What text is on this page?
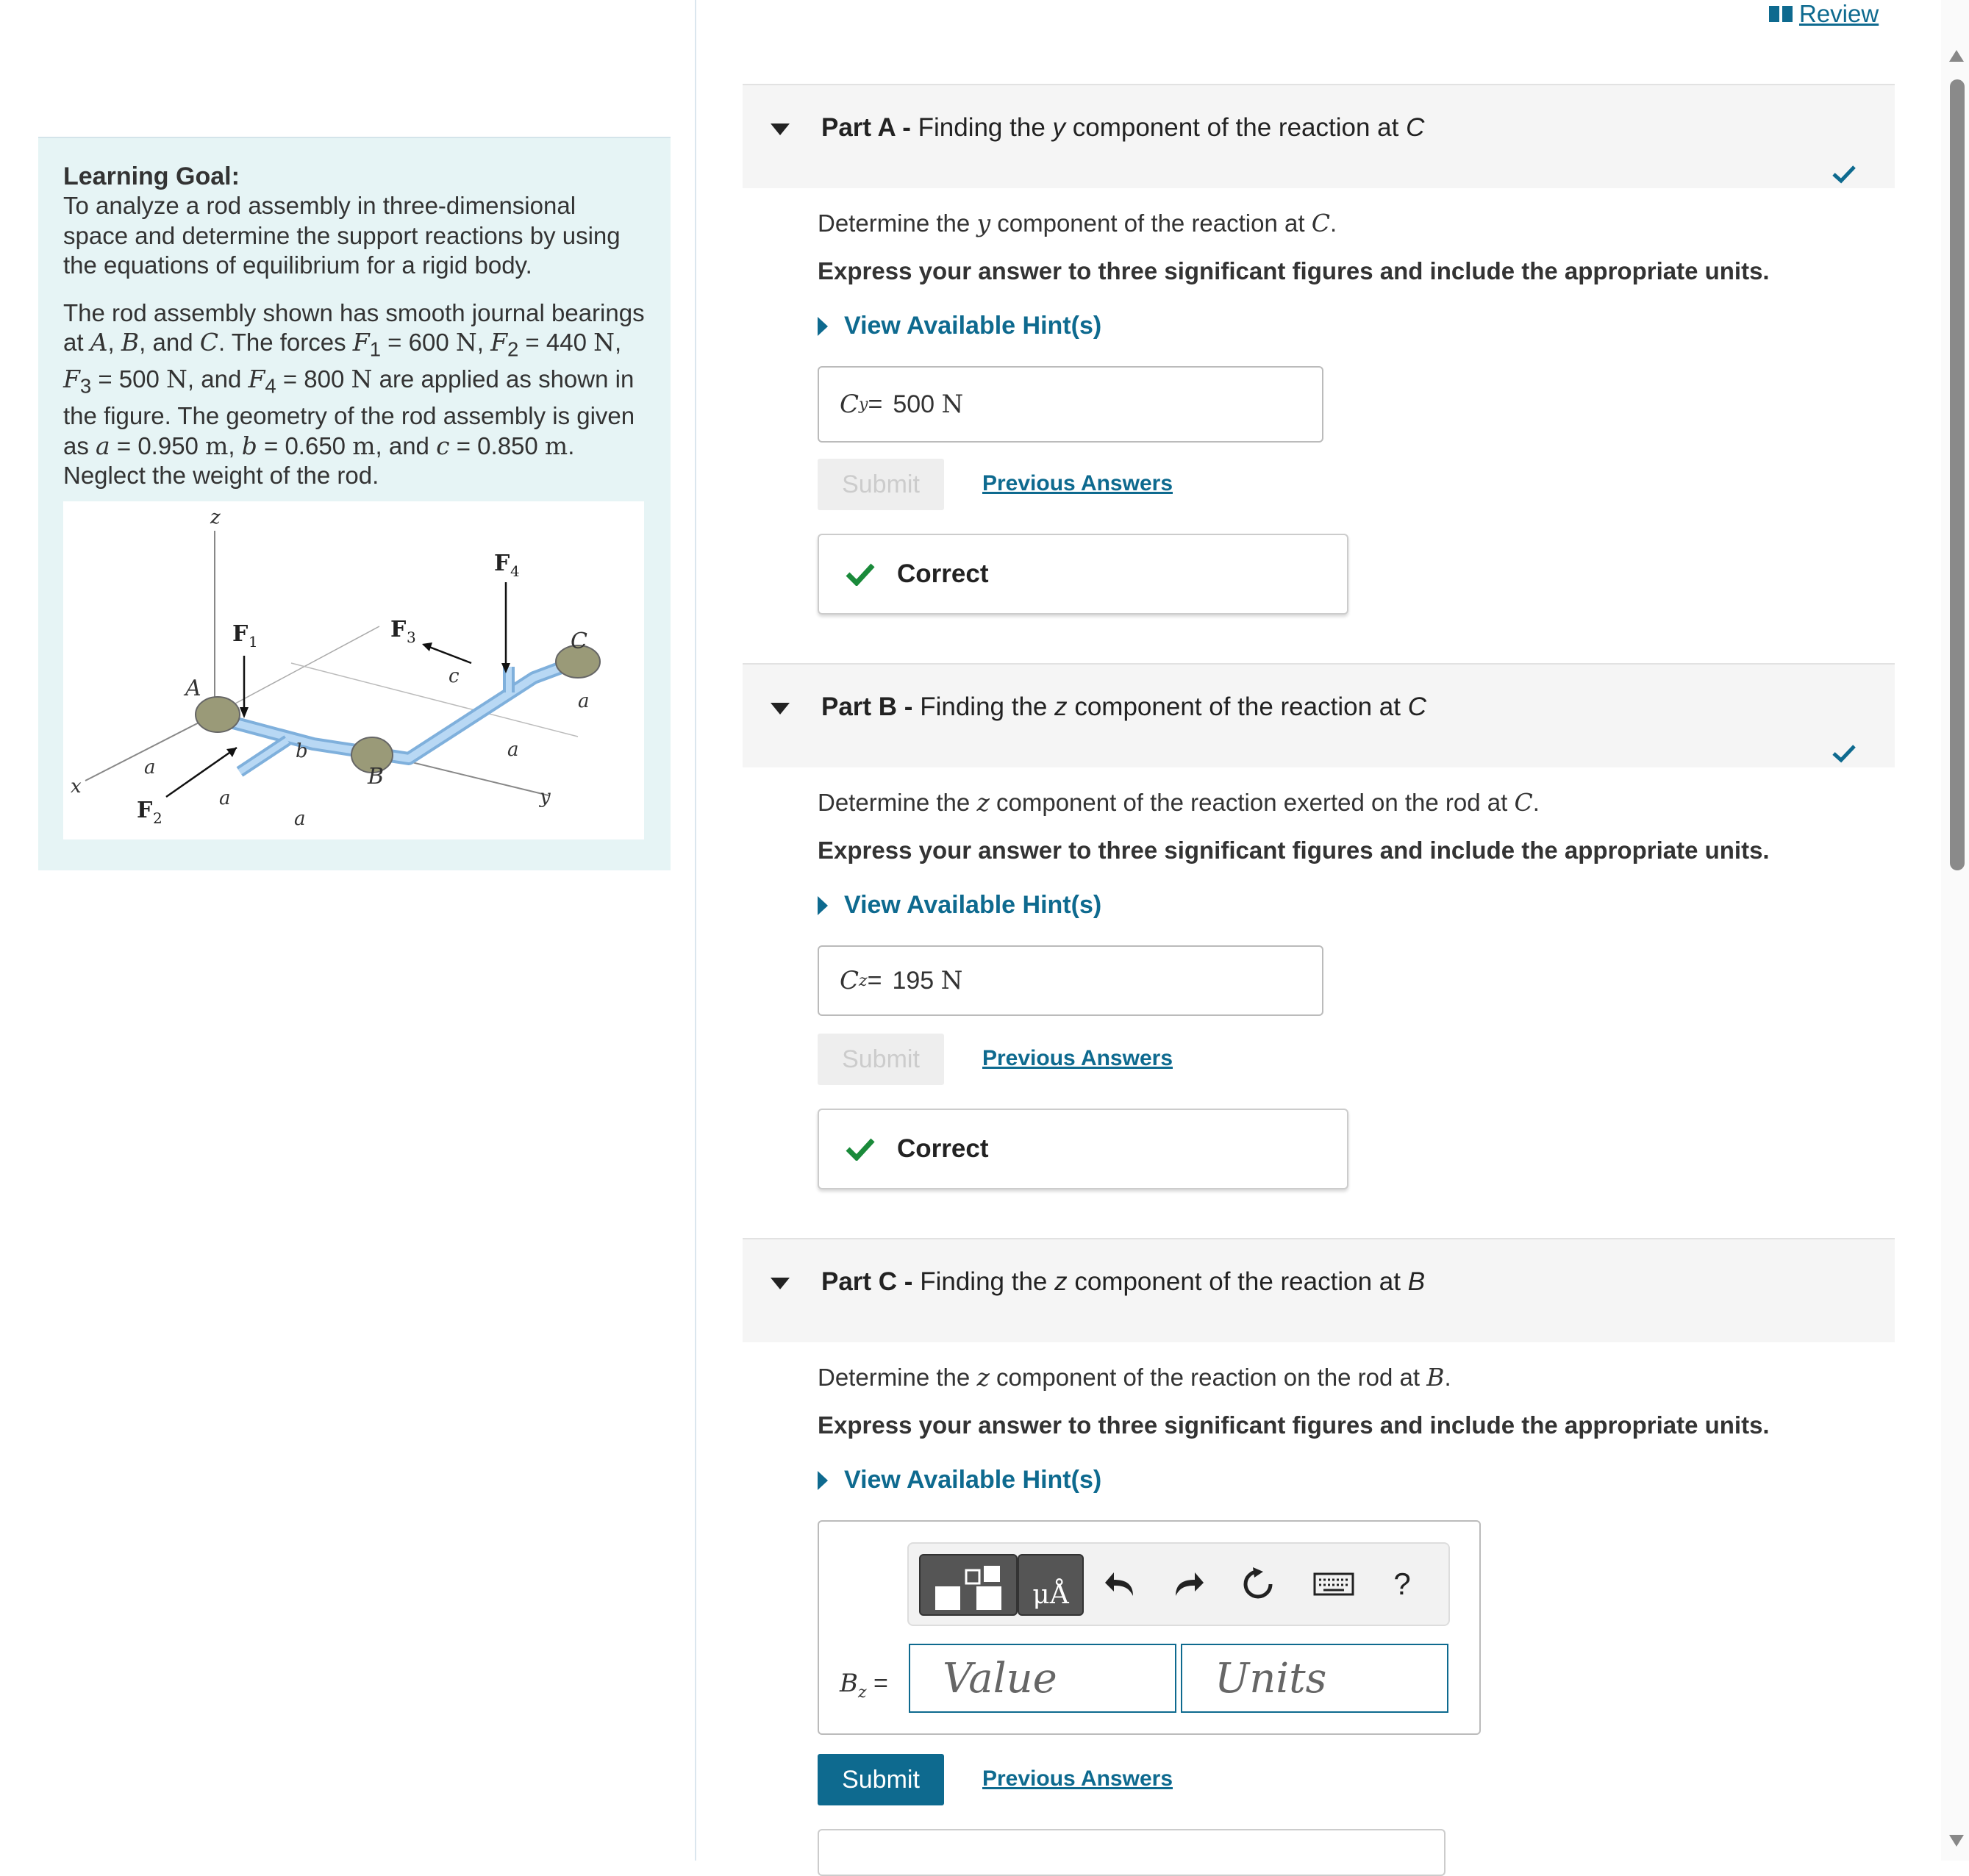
Learning Goal:

To analyze a rod assembly in three-dimensional space and determine the support reactions by using the equations of equilibrium for a rigid body.

The rod assembly shown has smooth journal bearings at A, B, and C. The forces $F_1 = 600$ N, $F_2 = 440$ N, $F_3 = 500$ N, and $F_4 = 800$ N are applied as shown in the figure. The geometry of the rod assembly is given as a = 0.950 m, b = 0.650 m, and c = 0.850 m. Neglect the weight of the rod.

z
x	y
F 1
F 2
F 3
F 4
A
B
C
a
a
a
a
a
b
c
Review
Part A - Finding the y component of the reaction at C
Determine the y component of the reaction at C.
Express your answer to three significant figures and include the appropriate units.
View Available Hint(s)
C y = 500
N
Submit	Previous Answers
Correct
Part B - Finding the z component of the reaction at C
Determine the z component of the reaction exerted on the rod at C.
Express your answer to three significant figures and include the appropriate units.
View Available Hint(s)
C z = 195
N
Submit	Previous Answers
Correct
Part C - Finding the z component of the reaction at B
Determine the z component of the reaction on the rod at B.
Express your answer to three significant figures and include the appropriate units.
View Available Hint(s)
μÅ	?
$B_z$ =	Value	Units
Submit	Previous Answers
